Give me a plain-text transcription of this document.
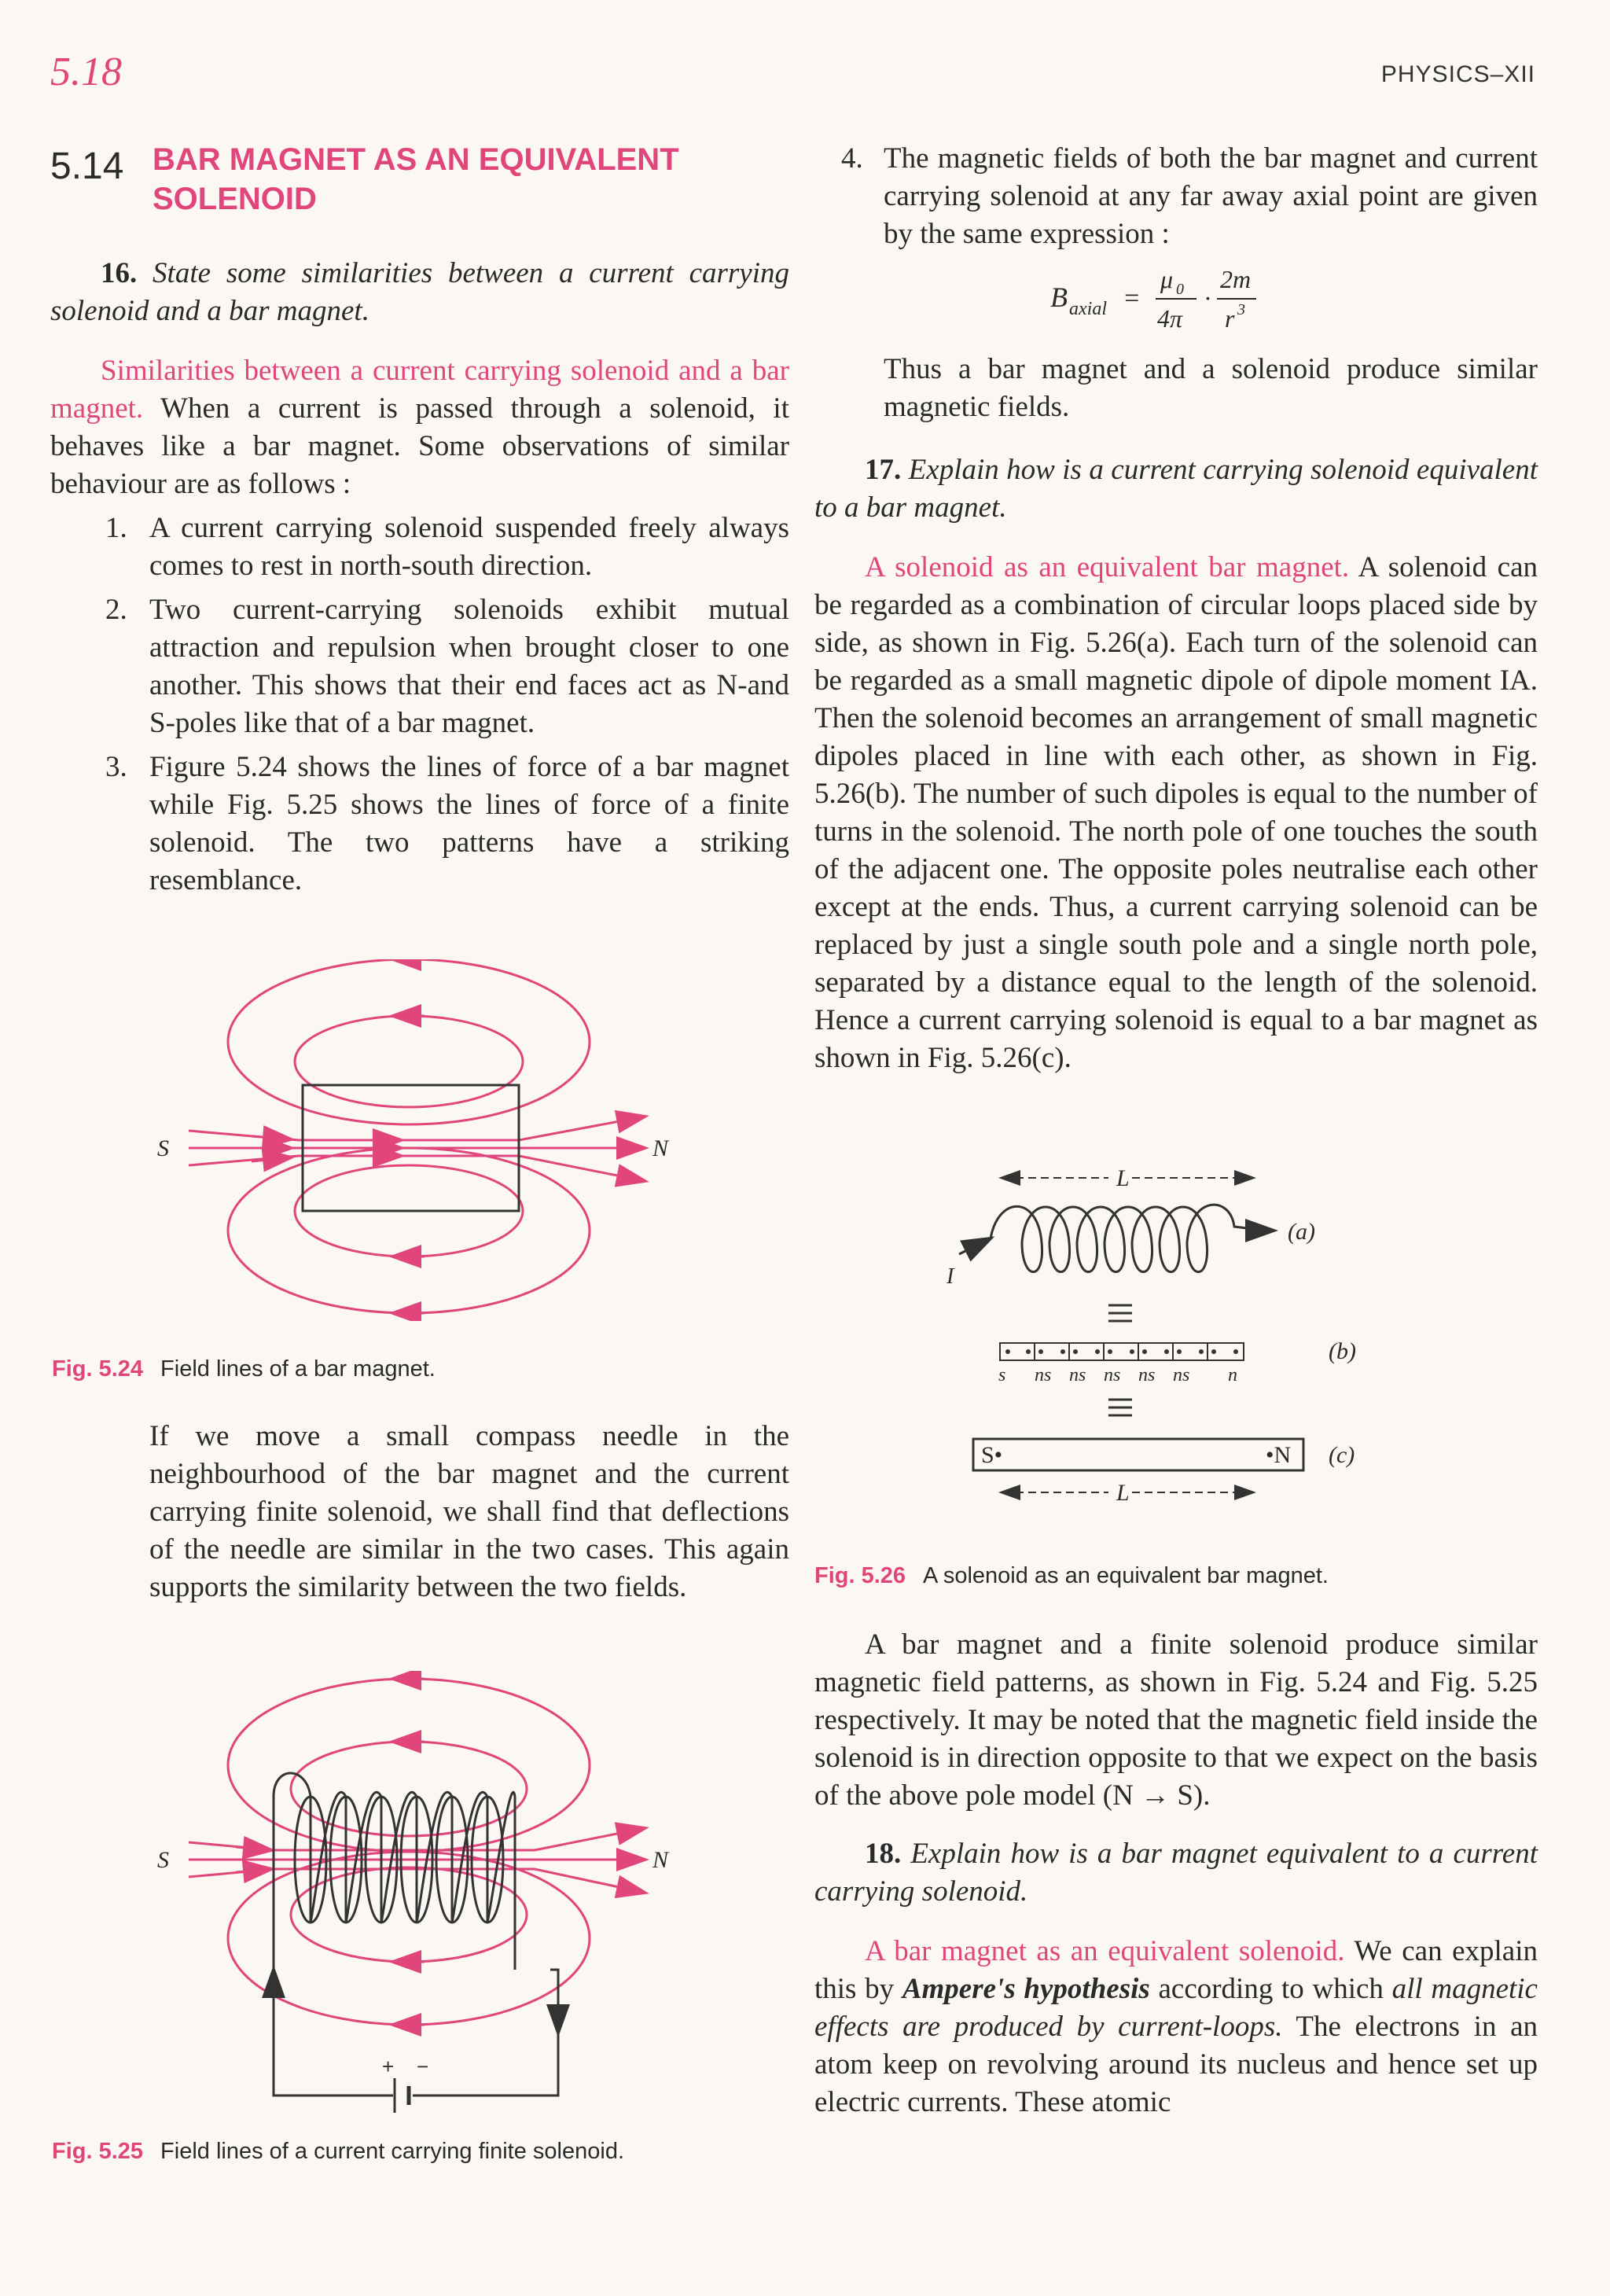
5.18	PHYSICS–XII
5.14 BAR MAGNET AS AN EQUIVALENT
SOLENOID

16. State some similarities between a current carrying solenoid and a bar magnet.

Similarities between a current carrying solenoid and a bar magnet. When a current is passed through a solenoid, it behaves like a bar magnet. Some observations of similar behaviour are as follows :

1. A current carrying solenoid suspended freely always comes to rest in north-south direction.
2. Two current-carrying solenoids exhibit mutual attraction and repulsion when brought closer to one another. This shows that their end faces act as N-and S-poles like that of a bar magnet.
3. Figure 5.24 shows the lines of force of a bar magnet while Fig. 5.25 shows the lines of force of a finite solenoid. The two patterns have a striking resemblance.
S	N
Fig. 5.24 Field lines of a bar magnet.

If we move a small compass needle in the neighbourhood of the bar magnet and the current carrying finite solenoid, we shall find that deflections of the needle are similar in the two cases. This again supports the similarity between the two fields.

S	N
+ −
Fig. 5.25 Field lines of a current carrying finite solenoid.
4. The magnetic fields of both the bar magnet and current carrying solenoid at any far away axial point are given by the same expression :
B axial =
μ 0
4π
·
2m
r 3

Thus a bar magnet and a solenoid produce similar magnetic fields.

17. Explain how is a current carrying solenoid equivalent to a bar magnet.

A solenoid as an equivalent bar magnet. A solenoid can be regarded as a combination of circular loops placed side by side, as shown in Fig. 5.26(a). Each turn of the solenoid can be regarded as a small magnetic dipole of dipole moment IA. Then the solenoid becomes an arrangement of small magnetic dipoles placed in line with each other, as shown in Fig. 5.26(b). The number of such dipoles is equal to the number of turns in the solenoid. The north pole of one touches the south of the adjacent one. The opposite poles neutralise each other except at the ends. Thus, a current carrying solenoid can be replaced by just a single south pole and a single north pole, separated by a distance equal to the length of the solenoid. Hence a current carrying solenoid is equal to a bar magnet as shown in Fig. 5.26(c).

L
I
(a)
s ns ns ns ns ns n
(b)
S•	•N (c)
L
Fig. 5.26 A solenoid as an equivalent bar magnet.

A bar magnet and a finite solenoid produce similar magnetic field patterns, as shown in Fig. 5.24 and Fig. 5.25 respectively. It may be noted that the magnetic field inside the solenoid is in direction opposite to that we expect on the basis of the above pole model (N → S).

18. Explain how is a bar magnet equivalent to a current carrying solenoid.

A bar magnet as an equivalent solenoid. We can explain this by Ampere's hypothesis according to which all magnetic effects are produced by current-loops. The electrons in an atom keep on revolving around its nucleus and hence set up electric currents. These atomic
